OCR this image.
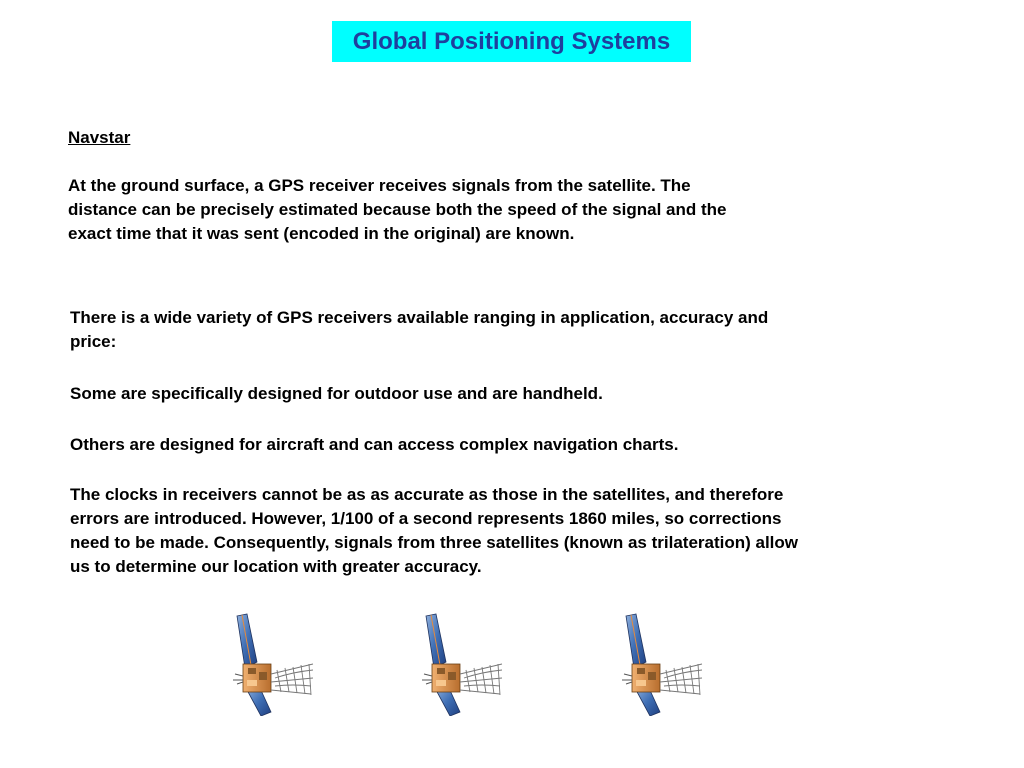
Global Positioning Systems
Navstar

At the ground surface, a GPS receiver receives signals from the satellite. The distance can be precisely estimated because both the speed of the signal and the exact time that it was sent (encoded in the original) are known.

There is a wide variety of GPS receivers available ranging in application, accuracy and price:

Some are specifically designed for outdoor use and are handheld.

Others are designed for aircraft and can access complex navigation charts.

The clocks in receivers cannot be as as accurate as those in the satellites, and therefore errors are introduced. However, 1/100 of a second represents 1860 miles, so corrections need to be made. Consequently, signals from three satellites (known as trilateration) allow us to determine our location with greater accuracy.
